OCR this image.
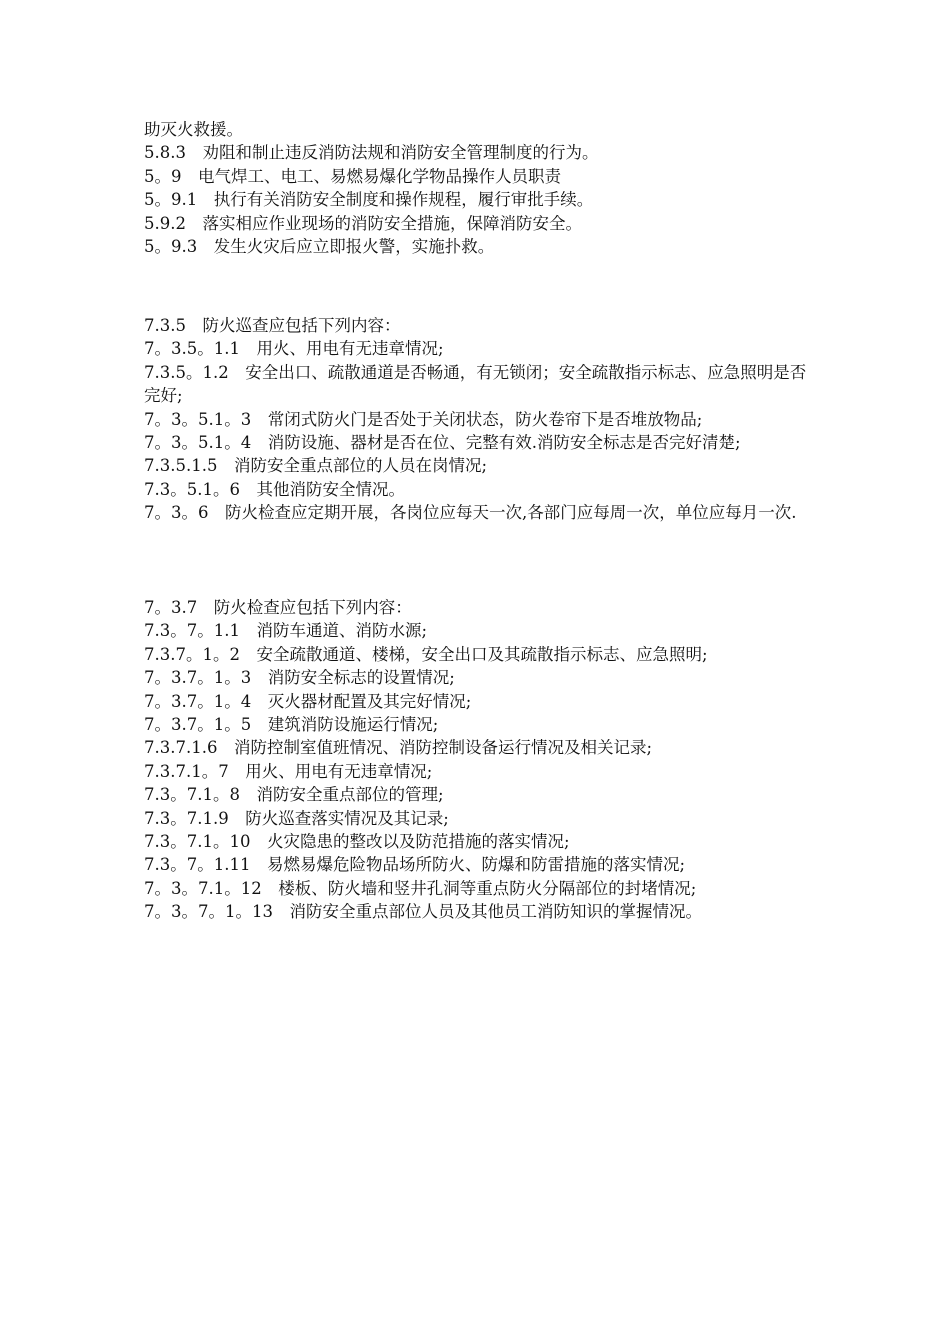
助灭火救援。
5.8.3　劝阻和制止违反消防法规和消防安全管理制度的行为。
5。9　电气焊工、电工、易燃易爆化学物品操作人员职责
5。9.1　执行有关消防安全制度和操作规程，履行审批手续。
5.9.2　落实相应作业现场的消防安全措施，保障消防安全。
5。9.3　发生火灾后应立即报火警，实施扑救。
7.3.5　防火巡查应包括下列内容：
7。3.5。1.1　用火、用电有无违章情况;
7.3.5。1.2　安全出口、疏散通道是否畅通，有无锁闭；安全疏散指示标志、应急照明是否完好;
7。3。5.1。3　常闭式防火门是否处于关闭状态，防火卷帘下是否堆放物品;
7。3。5.1。4　消防设施、器材是否在位、完整有效.消防安全标志是否完好清楚;
7.3.5.1.5　消防安全重点部位的人员在岗情况;
7.3。5.1。6　其他消防安全情况。
7。3。6　防火检查应定期开展，各岗位应每天一次,各部门应每周一次，单位应每月一次.
7。3.7　防火检查应包括下列内容：
7.3。7。1.1　消防车通道、消防水源;
7.3.7。1。2　安全疏散通道、楼梯，安全出口及其疏散指示标志、应急照明;
7。3.7。1。3　消防安全标志的设置情况;
7。3.7。1。4　灭火器材配置及其完好情况;
7。3.7。1。5　建筑消防设施运行情况;
7.3.7.1.6　消防控制室值班情况、消防控制设备运行情况及相关记录;
7.3.7.1。7　用火、用电有无违章情况;
7.3。7.1。8　消防安全重点部位的管理;
7.3。7.1.9　防火巡查落实情况及其记录;
7.3。7.1。10　火灾隐患的整改以及防范措施的落实情况;
7.3。7。1.11　易燃易爆危险物品场所防火、防爆和防雷措施的落实情况;
7。3。7.1。12　楼板、防火墙和竖井孔洞等重点防火分隔部位的封堵情况;
7。3。7。1。13　消防安全重点部位人员及其他员工消防知识的掌握情况。
